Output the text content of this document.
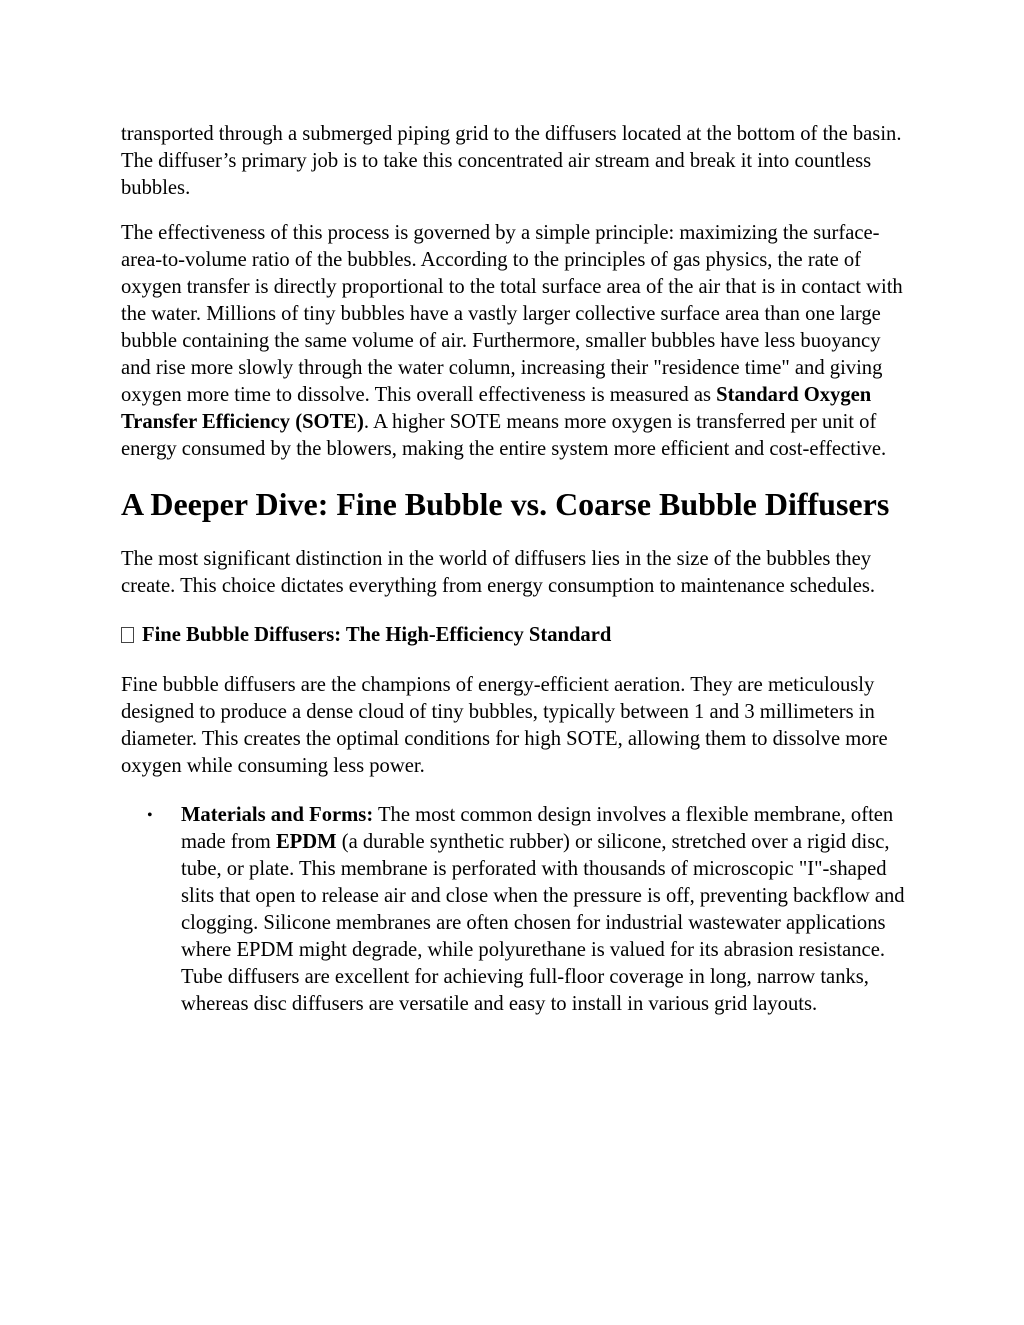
transported through a submerged piping grid to the diffusers located at the bottom of the basin. The diffuser’s primary job is to take this concentrated air stream and break it into countless bubbles.

The effectiveness of this process is governed by a simple principle: maximizing the surface-area-to-volume ratio of the bubbles. According to the principles of gas physics, the rate of oxygen transfer is directly proportional to the total surface area of the air that is in contact with the water. Millions of tiny bubbles have a vastly larger collective surface area than one large bubble containing the same volume of air. Furthermore, smaller bubbles have less buoyancy and rise more slowly through the water column, increasing their "residence time" and giving oxygen more time to dissolve. This overall effectiveness is measured as Standard Oxygen Transfer Efficiency (SOTE). A higher SOTE means more oxygen is transferred per unit of energy consumed by the blowers, making the entire system more efficient and cost-effective.

A Deeper Dive: Fine Bubble vs. Coarse Bubble Diffusers

The most significant distinction in the world of diffusers lies in the size of the bubbles they create. This choice dictates everything from energy consumption to maintenance schedules.

Fine Bubble Diffusers: The High-Efficiency Standard

Fine bubble diffusers are the champions of energy-efficient aeration. They are meticulously designed to produce a dense cloud of tiny bubbles, typically between 1 and 3 millimeters in diameter. This creates the optimal conditions for high SOTE, allowing them to dissolve more oxygen while consuming less power.

• Materials and Forms: The most common design involves a flexible membrane, often made from EPDM (a durable synthetic rubber) or silicone, stretched over a rigid disc, tube, or plate. This membrane is perforated with thousands of microscopic "I"-shaped slits that open to release air and close when the pressure is off, preventing backflow and clogging. Silicone membranes are often chosen for industrial wastewater applications where EPDM might degrade, while polyurethane is valued for its abrasion resistance. Tube diffusers are excellent for achieving full-floor coverage in long, narrow tanks, whereas disc diffusers are versatile and easy to install in various grid layouts.
